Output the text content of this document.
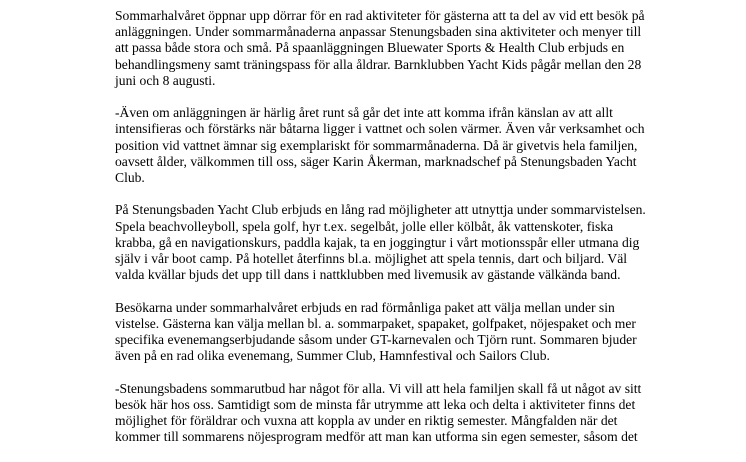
Sommarhalvåret öppnar upp dörrar för en rad aktiviteter för gästerna att ta del av vid ett besök på
anläggningen. Under sommarmånaderna anpassar Stenungsbaden sina aktiviteter och menyer till
att passa både stora och små. På spaanläggningen Bluewater Sports & Health Club erbjuds en
behandlingsmeny samt träningspass för alla åldrar. Barnklubben Yacht Kids pågår mellan den 28
juni och 8 augusti.

-Även om anläggningen är härlig året runt så går det inte att komma ifrån känslan av att allt
intensifieras och förstärks när båtarna ligger i vattnet och solen värmer. Även vår verksamhet och
position vid vattnet ämnar sig exemplariskt för sommarmånaderna. Då är givetvis hela familjen,
oavsett ålder, välkommen till oss, säger Karin Åkerman, marknadschef på Stenungsbaden Yacht
Club.

På Stenungsbaden Yacht Club erbjuds en lång rad möjligheter att utnyttja under sommarvistelsen.
Spela beachvolleyboll, spela golf, hyr t.ex. segelbåt, jolle eller kölbåt, åk vattenskoter, fiska
krabba, gå en navigationskurs, paddla kajak, ta en joggingtur i vårt motionsspår eller utmana dig
själv i vår boot camp. På hotellet återfinns bl.a. möjlighet att spela tennis, dart och biljard. Väl
valda kvällar bjuds det upp till dans i nattklubben med livemusik av gästande välkända band.

Besökarna under sommarhalvåret erbjuds en rad förmånliga paket att välja mellan under sin
vistelse. Gästerna kan välja mellan bl. a. sommarpaket, spapaket, golfpaket, nöjespaket och mer
specifika evenemangserbjudande såsom under GT-karnevalen och Tjörn runt. Sommaren bjuder
även på en rad olika evenemang, Summer Club, Hamnfestival och Sailors Club.

-Stenungsbadens sommarutbud har något för alla. Vi vill att hela familjen skall få ut något av sitt
besök här hos oss. Samtidigt som de minsta får utrymme att leka och delta i aktiviteter finns det
möjlighet för föräldrar och vuxna att koppla av under en riktig semester. Mångfalden när det
kommer till sommarens nöjesprogram medför att man kan utforma sin egen semester, såsom det
